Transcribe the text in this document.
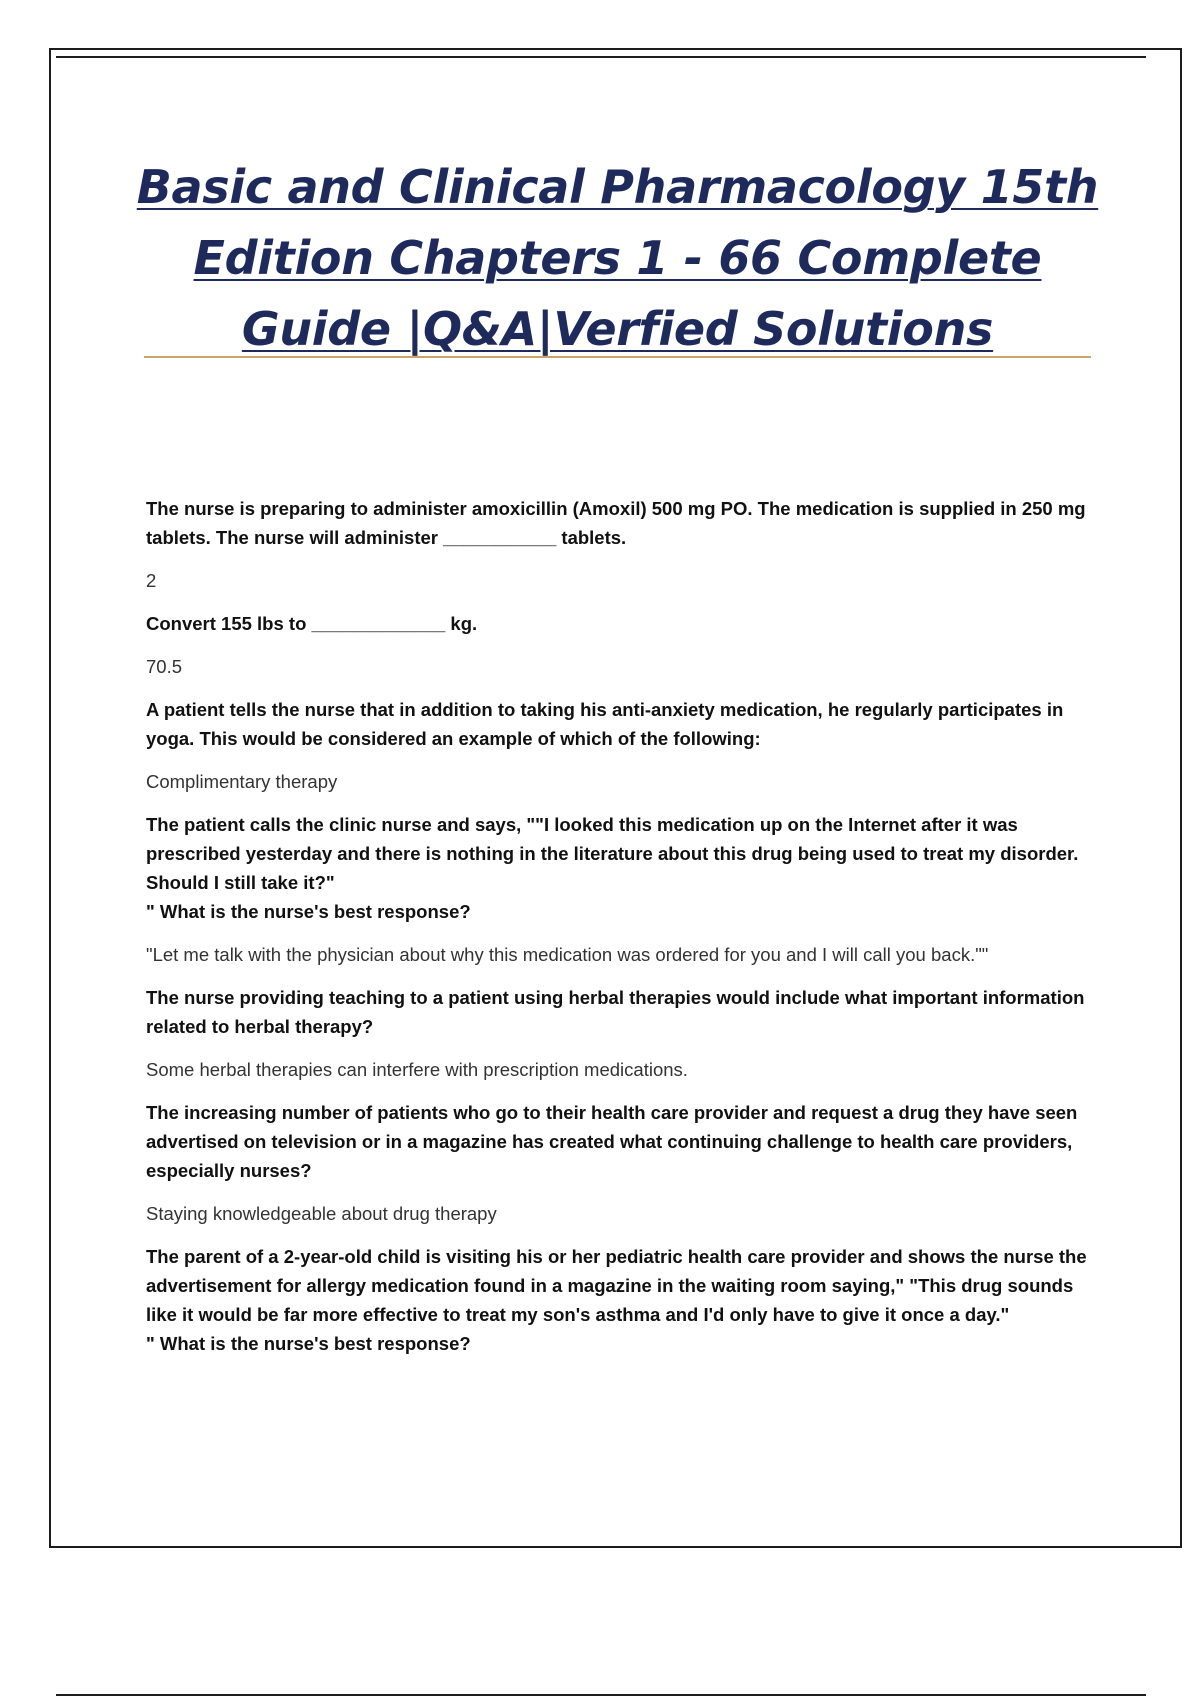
Basic and Clinical Pharmacology 15th
Edition Chapters 1 - 66 Complete
Guide |Q&A|Verfied Solutions

The nurse is preparing to administer amoxicillin (Amoxil) 500 mg PO. The medication is supplied in 250 mg tablets. The nurse will administer ___________ tablets.

2

Convert 155 lbs to _____________ kg.

70.5

A patient tells the nurse that in addition to taking his anti-anxiety medication, he regularly participates in yoga. This would be considered an example of which of the following:

Complimentary therapy

The patient calls the clinic nurse and says, ""I looked this medication up on the Internet after it was prescribed yesterday and there is nothing in the literature about this drug being used to treat my disorder. Should I still take it?"
" What is the nurse's best response?

"Let me talk with the physician about why this medication was ordered for you and I will call you back.""

The nurse providing teaching to a patient using herbal therapies would include what important information related to herbal therapy?

Some herbal therapies can interfere with prescription medications.

The increasing number of patients who go to their health care provider and request a drug they have seen advertised on television or in a magazine has created what continuing challenge to health care providers, especially nurses?

Staying knowledgeable about drug therapy

The parent of a 2-year-old child is visiting his or her pediatric health care provider and shows the nurse the advertisement for allergy medication found in a magazine in the waiting room saying," "This drug sounds like it would be far more effective to treat my son's asthma and I'd only have to give it once a day."
" What is the nurse's best response?
